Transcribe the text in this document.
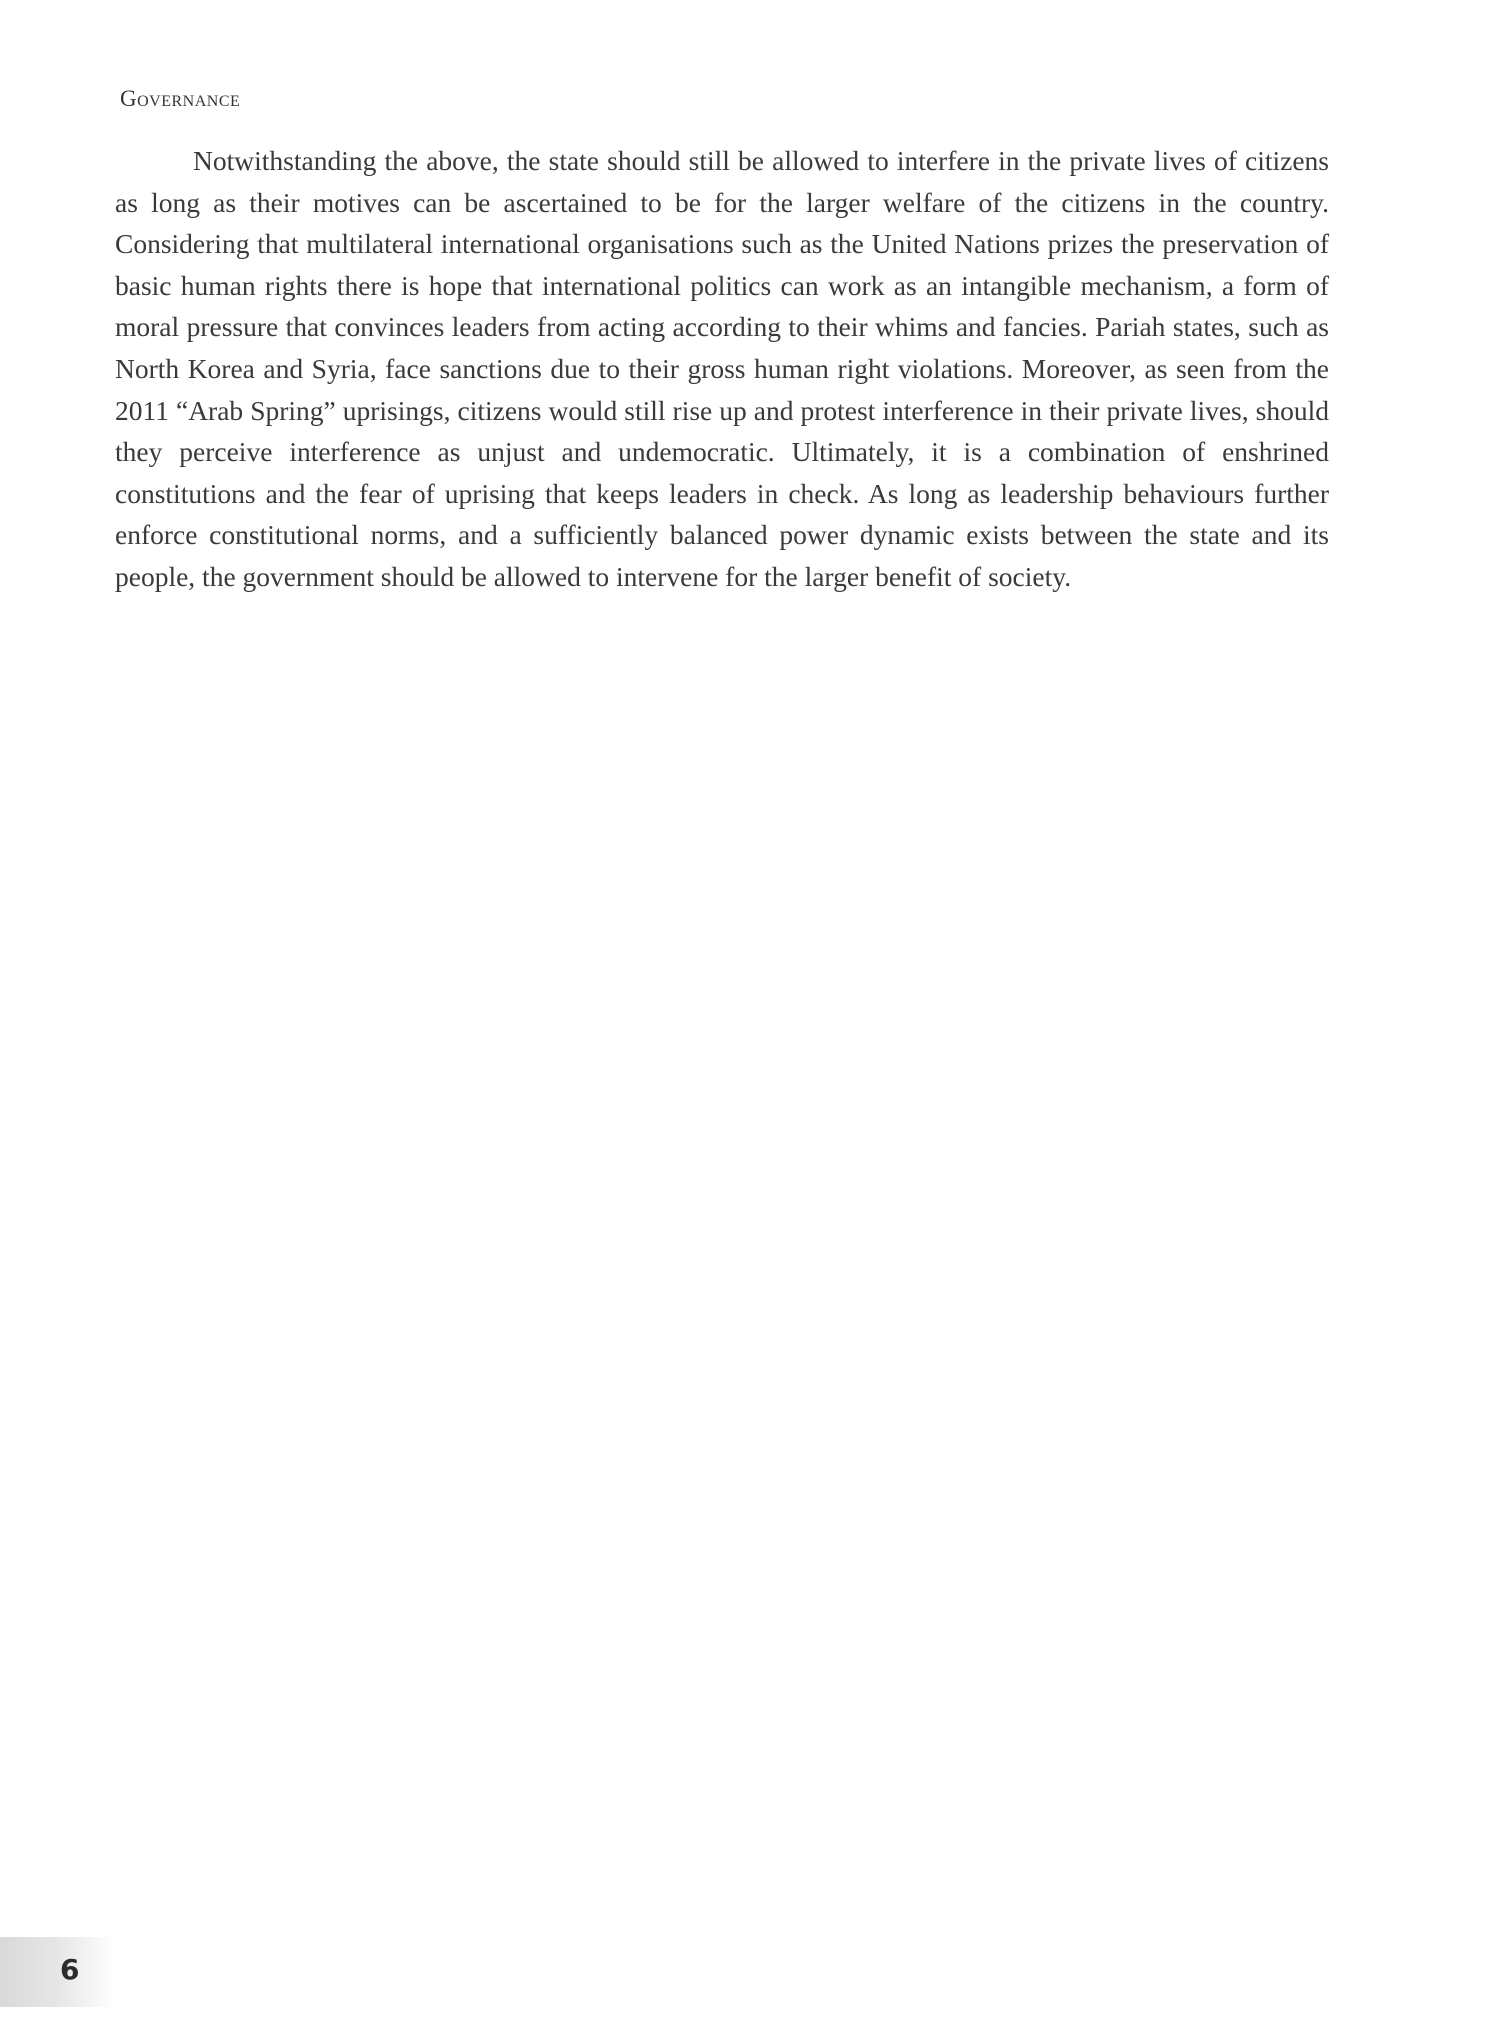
Governance

Notwithstanding the above, the state should still be allowed to interfere in the private lives of citizens as long as their motives can be ascertained to be for the larger welfare of the citizens in the country. Considering that multilateral international organisations such as the United Nations prizes the preservation of basic human rights there is hope that international politics can work as an intangible mechanism, a form of moral pressure that convinces leaders from acting according to their whims and fancies. Pariah states, such as North Korea and Syria, face sanctions due to their gross human right violations. Moreover, as seen from the 2011 “Arab Spring” uprisings, citizens would still rise up and protest interference in their private lives, should they perceive interference as unjust and undemocratic. Ultimately, it is a combination of enshrined constitutions and the fear of uprising that keeps leaders in check. As long as leadership behaviours further enforce constitutional norms, and a sufficiently balanced power dynamic exists between the state and its people, the government should be allowed to intervene for the larger benefit of society.

6
